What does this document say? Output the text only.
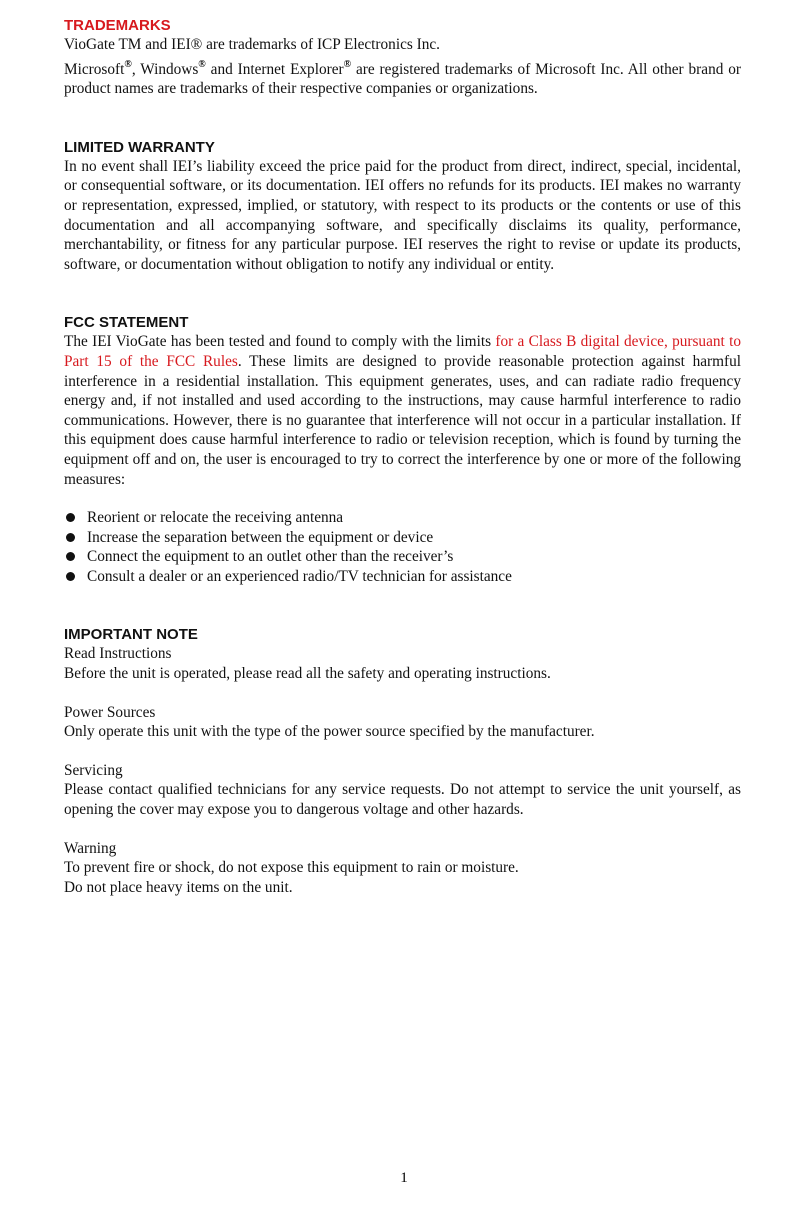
TRADEMARKS

VioGate TM and IEI® are trademarks of ICP Electronics Inc.

Microsoft®, Windows® and Internet Explorer® are registered trademarks of Microsoft Inc. All other brand or product names are trademarks of their respective companies or organizations.

LIMITED WARRANTY

In no event shall IEI’s liability exceed the price paid for the product from direct, indirect, special, incidental, or consequential software, or its documentation. IEI offers no refunds for its products. IEI makes no warranty or representation, expressed, implied, or statutory, with respect to its products or the contents or use of this documentation and all accompanying software, and specifically disclaims its quality, performance, merchantability, or fitness for any particular purpose. IEI reserves the right to revise or update its products, software, or documentation without obligation to notify any individual or entity.

FCC STATEMENT

The IEI VioGate has been tested and found to comply with the limits for a Class B digital device, pursuant to Part 15 of the FCC Rules. These limits are designed to provide reasonable protection against harmful interference in a residential installation. This equipment generates, uses, and can radiate radio frequency energy and, if not installed and used according to the instructions, may cause harmful interference to radio communications. However, there is no guarantee that interference will not occur in a particular installation. If this equipment does cause harmful interference to radio or television reception, which is found by turning the equipment off and on, the user is encouraged to try to correct the interference by one or more of the following measures:

Reorient or relocate the receiving antenna
Increase the separation between the equipment or device
Connect the equipment to an outlet other than the receiver’s
Consult a dealer or an experienced radio/TV technician for assistance
IMPORTANT NOTE

Read Instructions

Before the unit is operated, please read all the safety and operating instructions.

Power Sources

Only operate this unit with the type of the power source specified by the manufacturer.

Servicing

Please contact qualified technicians for any service requests. Do not attempt to service the unit yourself, as opening the cover may expose you to dangerous voltage and other hazards.

Warning

To prevent fire or shock, do not expose this equipment to rain or moisture.

Do not place heavy items on the unit.

1
